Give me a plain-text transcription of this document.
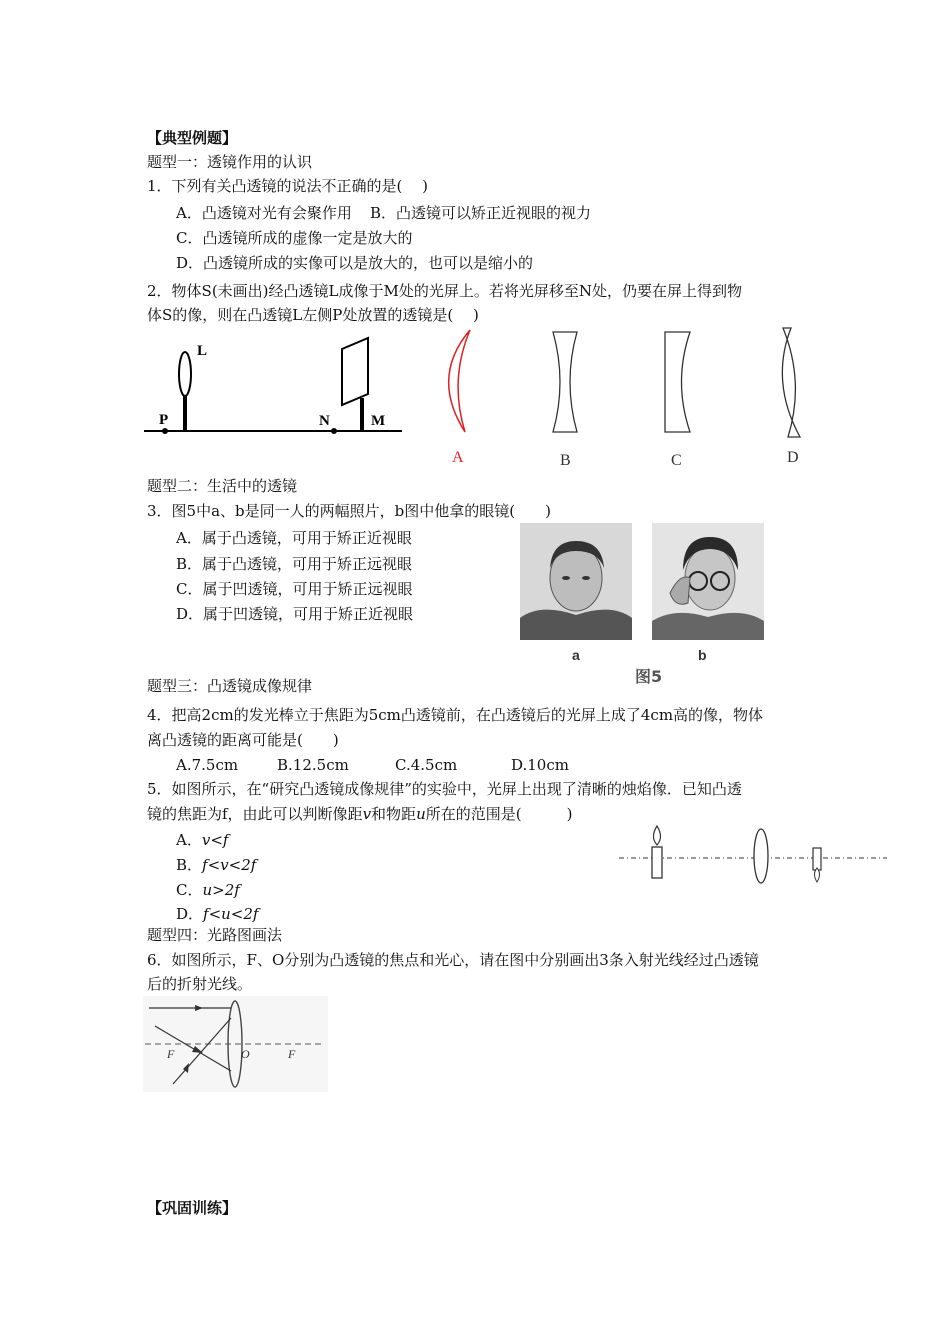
【典型例题】
题型一：透镜作用的认识
1．下列有关凸透镜的说法不正确的是(　 )
A．凸透镜对光有会聚作用 B．凸透镜可以矫正近视眼的视力
C．凸透镜所成的虚像一定是放大的
D．凸透镜所成的实像可以是放大的，也可以是缩小的
2．物体S(未画出)经凸透镜L成像于M处的光屏上。若将光屏移至N处，仍要在屏上得到物
体S的像，则在凸透镜L左侧P处放置的透镜是(　 )
L
P	N	M
A	B	C	D
题型二：生活中的透镜
3．图5中a、b是同一人的两幅照片，b图中他拿的眼镜(　　)
A．属于凸透镜，可用于矫正近视眼
B．属于凸透镜，可用于矫正远视眼
C．属于凹透镜，可用于矫正远视眼
D．属于凹透镜，可用于矫正近视眼
a	b
图5
题型三：凸透镜成像规律
4．把高2cm的发光棒立于焦距为5cm凸透镜前，在凸透镜后的光屏上成了4cm高的像，物体
离凸透镜的距离可能是(　　)
A.7.5cm	B.12.5cm	C.4.5cm	D.10cm
5．如图所示，在“研究凸透镜成像规律”的实验中，光屏上出现了清晰的烛焰像．已知凸透
镜的焦距为f，由此可以判断像距v和物距u所在的范围是(　　　)
A．v<f
B．f<v<2f
C．u>2f
D．f<u<2f
题型四：光路图画法
6．如图所示，F、O分别为凸透镜的焦点和光心，请在图中分别画出3条入射光线经过凸透镜
后的折射光线。
F	O	F
【巩固训练】
